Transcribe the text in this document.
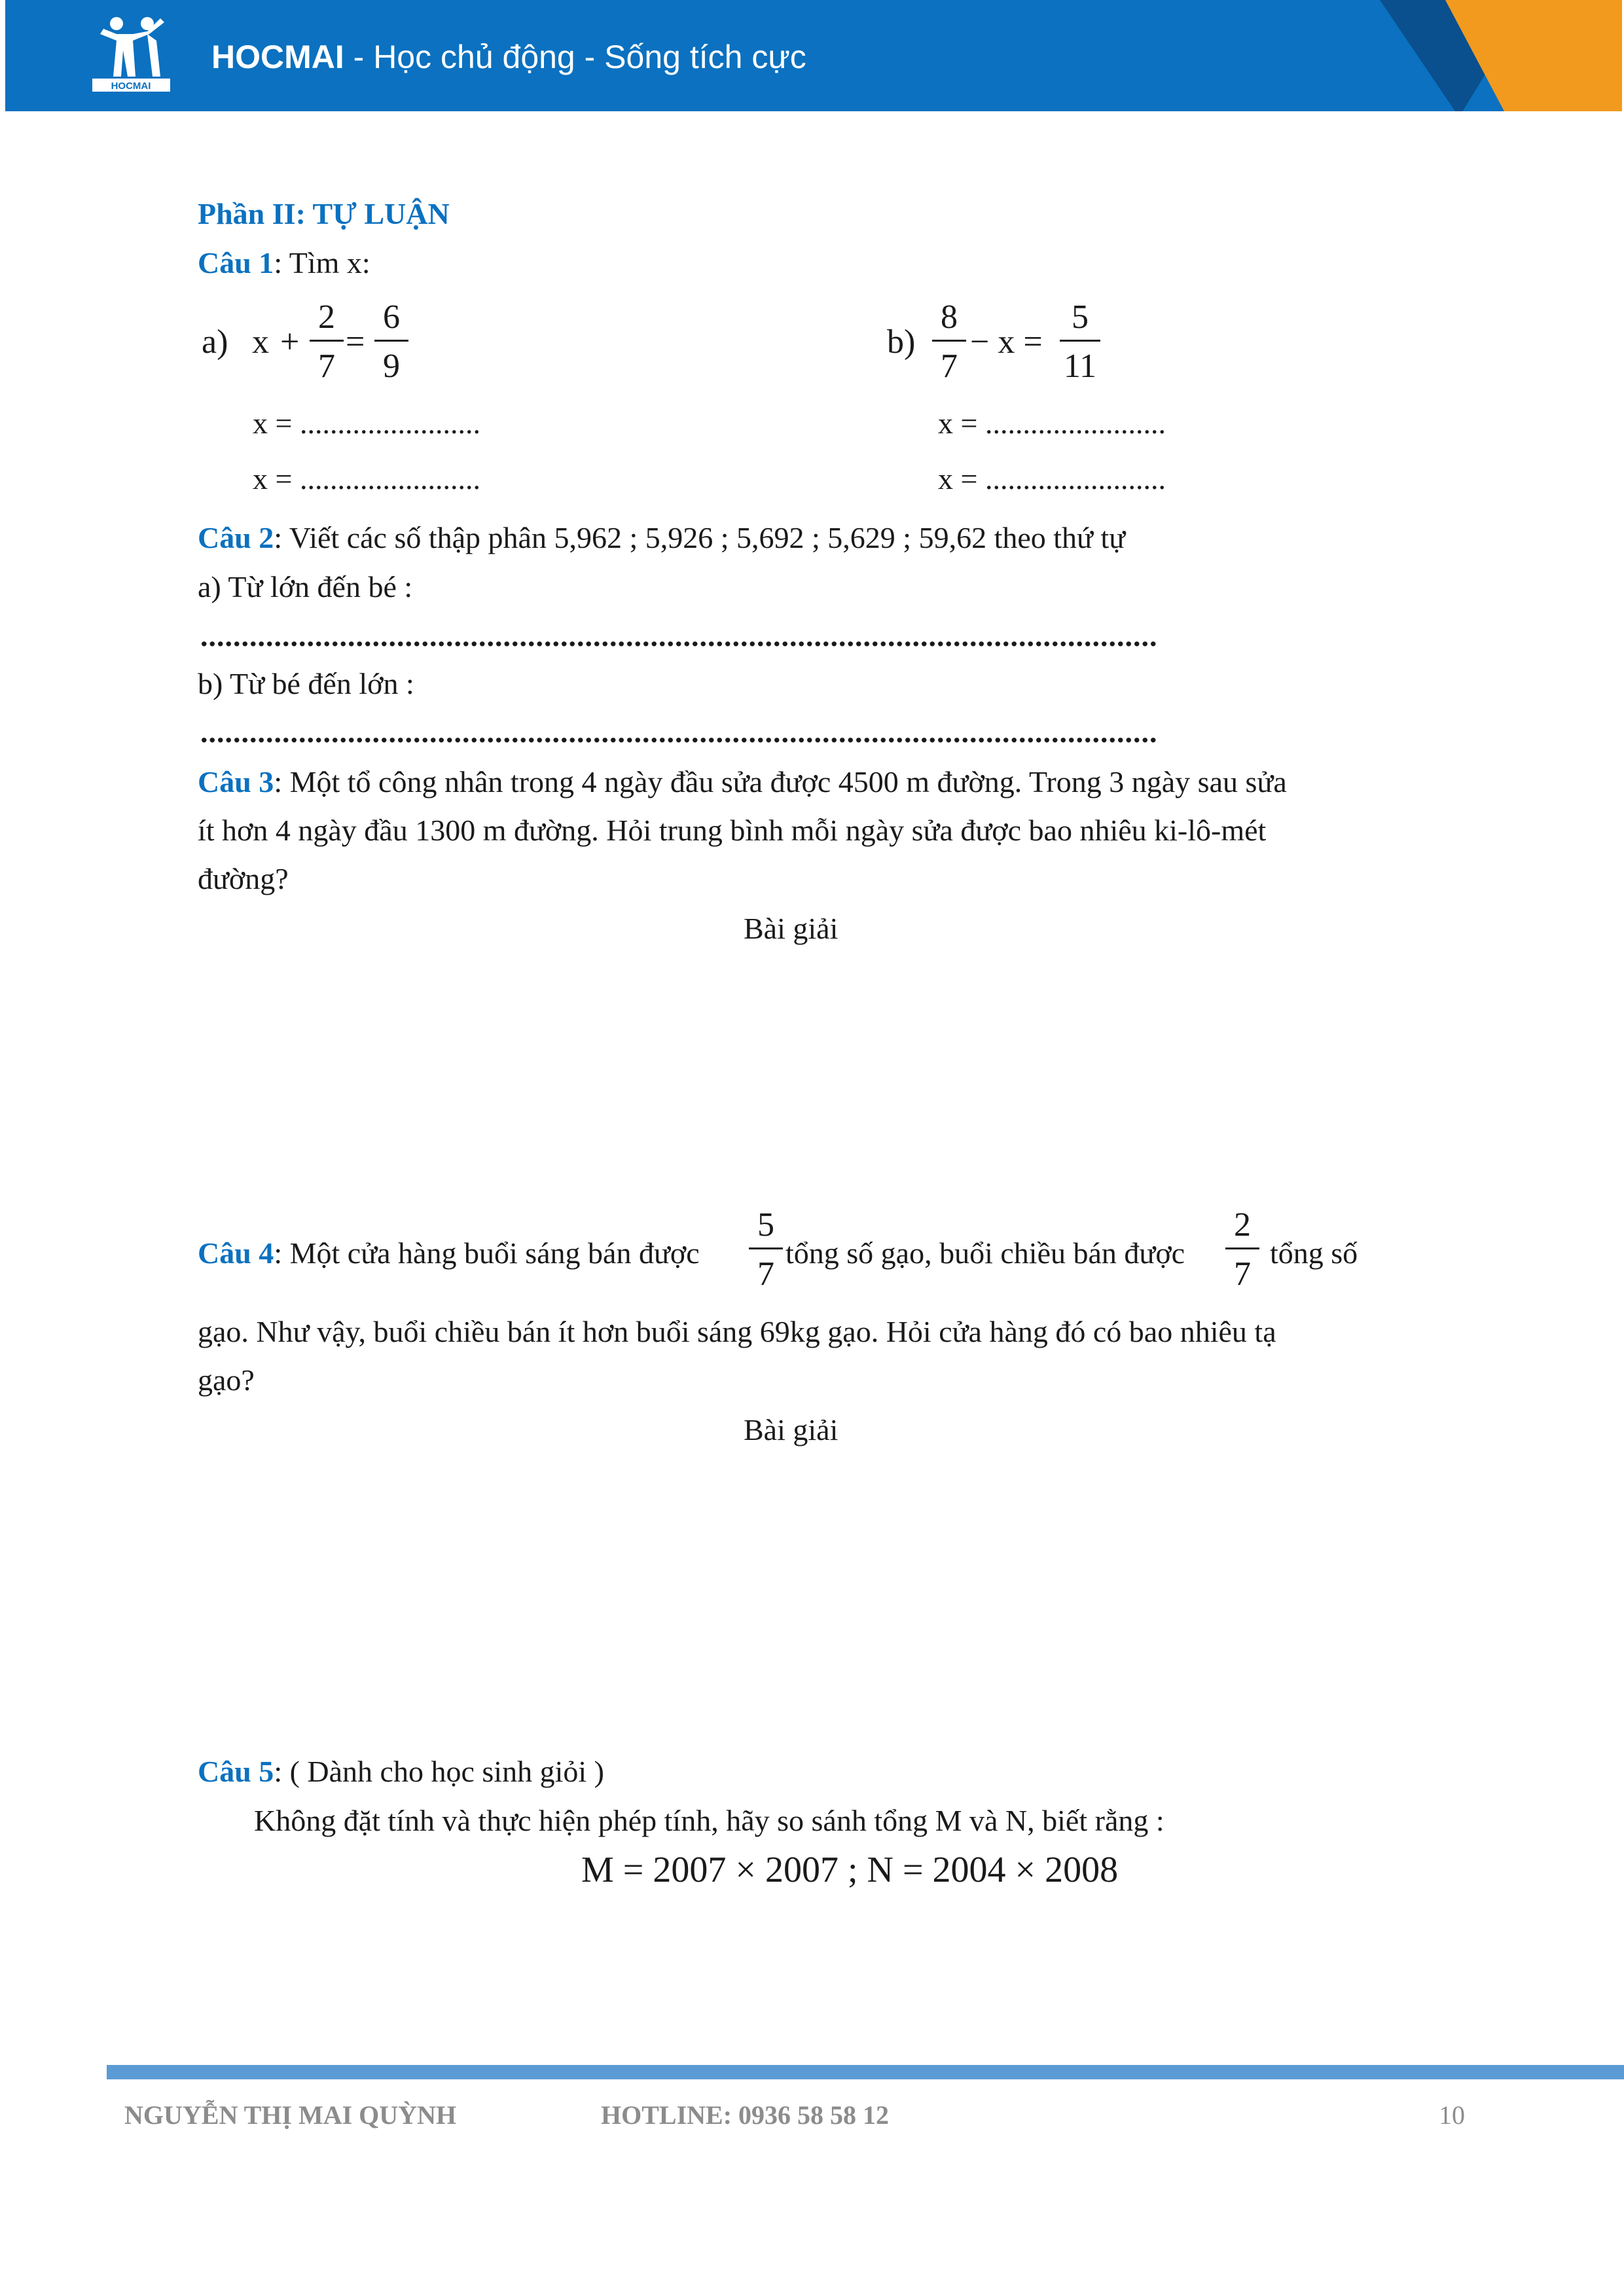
HOCMAI
HOCMAI - Học chủ động - Sống tích cực
Phần II: TỰ LUẬN
Câu 1: Tìm x:
a) x +
2
7
=
6
9
b)
8
7
− x =
5
11
x = ........................
x = ........................
x = ........................
x = ........................
Câu 2: Viết các số thập phân 5,962 ; 5,926 ; 5,692 ; 5,629 ; 59,62 theo thứ tự
a) Từ lớn đến bé :
.....................................................................................................................
b) Từ bé đến lớn :
.....................................................................................................................
Câu 3: Một tổ công nhân trong 4 ngày đầu sửa được 4500 m đường. Trong 3 ngày sau sửa
ít hơn 4 ngày đầu 1300 m đường. Hỏi trung bình mỗi ngày sửa được bao nhiêu ki-lô-mét
đường?
Bài giải
Câu 4: Một cửa hàng buổi sáng bán được
5
7
tổng số gạo, buổi chiều bán được
2
7
tổng số
gạo. Như vậy, buổi chiều bán ít hơn buổi sáng 69kg gạo. Hỏi cửa hàng đó có bao nhiêu tạ
gạo?
Bài giải
Câu 5: ( Dành cho học sinh giỏi )
Không đặt tính và thực hiện phép tính, hãy so sánh tổng M và N, biết rằng :
M = 2007 × 2007 ; N = 2004 × 2008
NGUYỄN THỊ MAI QUỲNH	HOTLINE: 0936 58 58 12	10
